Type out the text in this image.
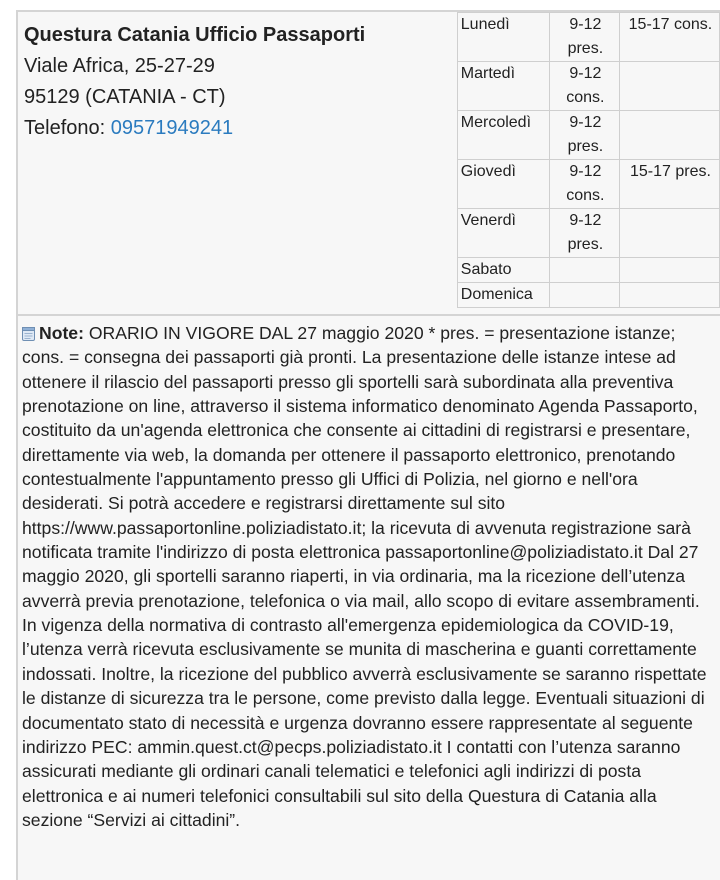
Questura Catania Ufficio Passaporti
Viale Africa, 25-27-29
95129 (CATANIA - CT)
Telefono: 09571949241
Lunedì	9-12 pres.	15-17 cons.
Martedì	9-12 cons.	
Mercoledì	9-12 pres.	
Giovedì	9-12 cons.	15-17 pres.
Venerdì	9-12 pres.	
Sabato		
Domenica		
Note: ORARIO IN VIGORE DAL 27 maggio 2020 * pres. = presentazione istanze; cons. = consegna dei passaporti già pronti. La presentazione delle istanze intese ad ottenere il rilascio del passaporti presso gli sportelli sarà subordinata alla preventiva prenotazione on line, attraverso il sistema informatico denominato Agenda Passaporto, costituito da un'agenda elettronica che consente ai cittadini di registrarsi e presentare, direttamente via web, la domanda per ottenere il passaporto elettronico, prenotando contestualmente l'appuntamento presso gli Uffici di Polizia, nel giorno e nell'ora desiderati. Si potrà accedere e registrarsi direttamente sul sito https://www.passaportonline.poliziadistato.it; la ricevuta di avvenuta registrazione sarà notificata tramite l'indirizzo di posta elettronica passaportonline@poliziadistato.it Dal 27 maggio 2020, gli sportelli saranno riaperti, in via ordinaria, ma la ricezione dell’utenza avverrà previa prenotazione, telefonica o via mail, allo scopo di evitare assembramenti. In vigenza della normativa di contrasto all'emergenza epidemiologica da COVID-19, l’utenza verrà ricevuta esclusivamente se munita di mascherina e guanti correttamente indossati. Inoltre, la ricezione del pubblico avverrà esclusivamente se saranno rispettate le distanze di sicurezza tra le persone, come previsto dalla legge. Eventuali situazioni di documentato stato di necessità e urgenza dovranno essere rappresentate al seguente indirizzo PEC: ammin.quest.ct@pecps.poliziadistato.it I contatti con l’utenza saranno assicurati mediante gli ordinari canali telematici e telefonici agli indirizzi di posta elettronica e ai numeri telefonici consultabili sul sito della Questura di Catania alla sezione “Servizi ai cittadini”.
